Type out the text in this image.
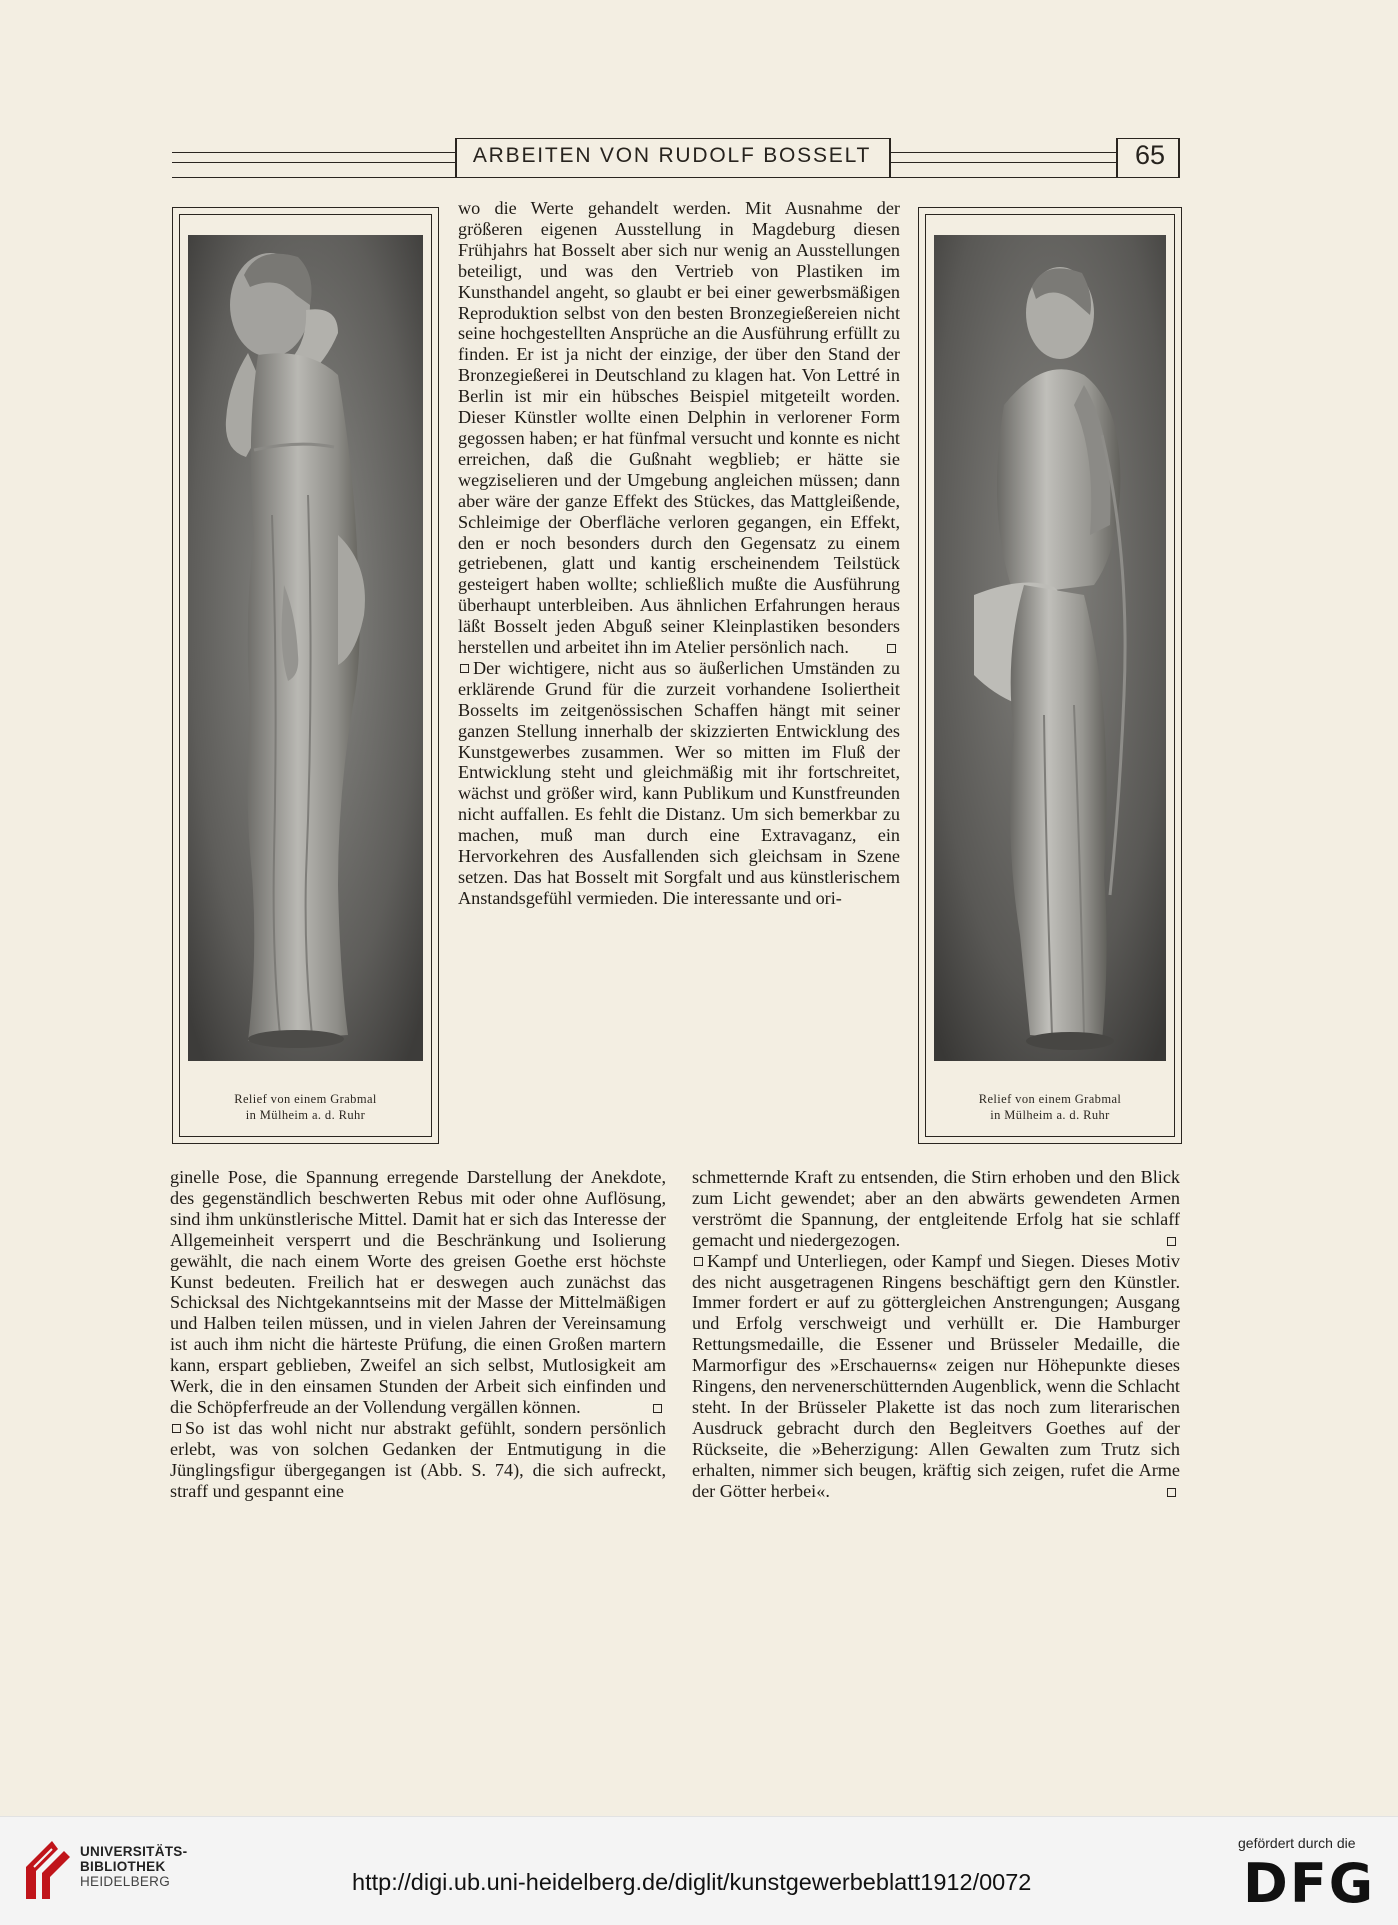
ARBEITEN VON RUDOLF BOSSELT	65
Relief von einem Grabmal
in Mülheim a. d. Ruhr
Relief von einem Grabmal
in Mülheim a. d. Ruhr

wo die Werte gehandelt werden. Mit Ausnahme der größeren eigenen Ausstellung in Magdeburg diesen Frühjahrs hat Bosselt aber sich nur wenig an Ausstellungen beteiligt, und was den Vertrieb von Plastiken im Kunsthandel angeht, so glaubt er bei einer gewerbsmäßigen Reproduktion selbst von den besten Bronzegießereien nicht seine hochgestellten Ansprüche an die Ausführung erfüllt zu finden. Er ist ja nicht der einzige, der über den Stand der Bronzegießerei in Deutschland zu klagen hat. Von Lettré in Berlin ist mir ein hübsches Beispiel mitgeteilt worden. Dieser Künstler wollte einen Delphin in verlorener Form gegossen haben; er hat fünfmal versucht und konnte es nicht erreichen, daß die Gußnaht wegblieb; er hätte sie wegziselieren und der Umgebung angleichen müssen; dann aber wäre der ganze Effekt des Stückes, das Mattgleißende, Schleimige der Oberfläche verloren gegangen, ein Effekt, den er noch besonders durch den Gegensatz zu einem getriebenen, glatt und kantig erscheinendem Teilstück gesteigert haben wollte; schließlich mußte die Ausführung überhaupt unterbleiben. Aus ähnlichen Erfahrungen heraus läßt Bosselt jeden Abguß seiner Kleinplastiken besonders herstellen und arbeitet ihn im Atelier persönlich nach.

Der wichtigere, nicht aus so äußerlichen Umständen zu erklärende Grund für die zurzeit vorhandene Isoliertheit Bosselts im zeitgenössischen Schaffen hängt mit seiner ganzen Stellung innerhalb der skizzierten Entwicklung des Kunstgewerbes zusammen. Wer so mitten im Fluß der Entwicklung steht und gleichmäßig mit ihr fortschreitet, wächst und größer wird, kann Publikum und Kunstfreunden nicht auffallen. Es fehlt die Distanz. Um sich bemerkbar zu machen, muß man durch eine Extravaganz, ein Hervorkehren des Ausfallenden sich gleichsam in Szene setzen. Das hat Bosselt mit Sorgfalt und aus künstlerischem Anstandsgefühl vermieden. Die interessante und ori-

ginelle Pose, die Spannung erregende Darstellung der Anekdote, des gegenständlich beschwerten Rebus mit oder ohne Auflösung, sind ihm unkünstlerische Mittel. Damit hat er sich das Interesse der Allgemeinheit versperrt und die Beschränkung und Isolierung gewählt, die nach einem Worte des greisen Goethe erst höchste Kunst bedeuten. Freilich hat er deswegen auch zunächst das Schicksal des Nichtgekanntseins mit der Masse der Mittelmäßigen und Halben teilen müssen, und in vielen Jahren der Vereinsamung ist auch ihm nicht die härteste Prüfung, die einen Großen martern kann, erspart geblieben, Zweifel an sich selbst, Mutlosigkeit am Werk, die in den einsamen Stunden der Arbeit sich einfinden und die Schöpferfreude an der Vollendung vergällen können.

So ist das wohl nicht nur abstrakt gefühlt, sondern persönlich erlebt, was von solchen Gedanken der Entmutigung in die Jünglingsfigur übergegangen ist (Abb. S. 74), die sich aufreckt, straff und gespannt eine

schmetternde Kraft zu entsenden, die Stirn erhoben und den Blick zum Licht gewendet; aber an den abwärts gewendeten Armen verströmt die Spannung, der entgleitende Erfolg hat sie schlaff gemacht und niedergezogen.

Kampf und Unterliegen, oder Kampf und Siegen. Dieses Motiv des nicht ausgetragenen Ringens beschäftigt gern den Künstler. Immer fordert er auf zu göttergleichen Anstrengungen; Ausgang und Erfolg verschweigt und verhüllt er. Die Hamburger Rettungsmedaille, die Essener und Brüsseler Medaille, die Marmorfigur des »Erschauerns« zeigen nur Höhepunkte dieses Ringens, den nervenerschütternden Augenblick, wenn die Schlacht steht. In der Brüsseler Plakette ist das noch zum literarischen Ausdruck gebracht durch den Begleitvers Goethes auf der Rückseite, die »Beherzigung: Allen Gewalten zum Trutz sich erhalten, nimmer sich beugen, kräftig sich zeigen, rufet die Arme der Götter herbei«.

UNIVERSITÄTS-
BIBLIOTHEK
HEIDELBERG	http://digi.ub.uni-heidelberg.de/diglit/kunstgewerbeblatt1912/0072
gefördert durch die
DFG
